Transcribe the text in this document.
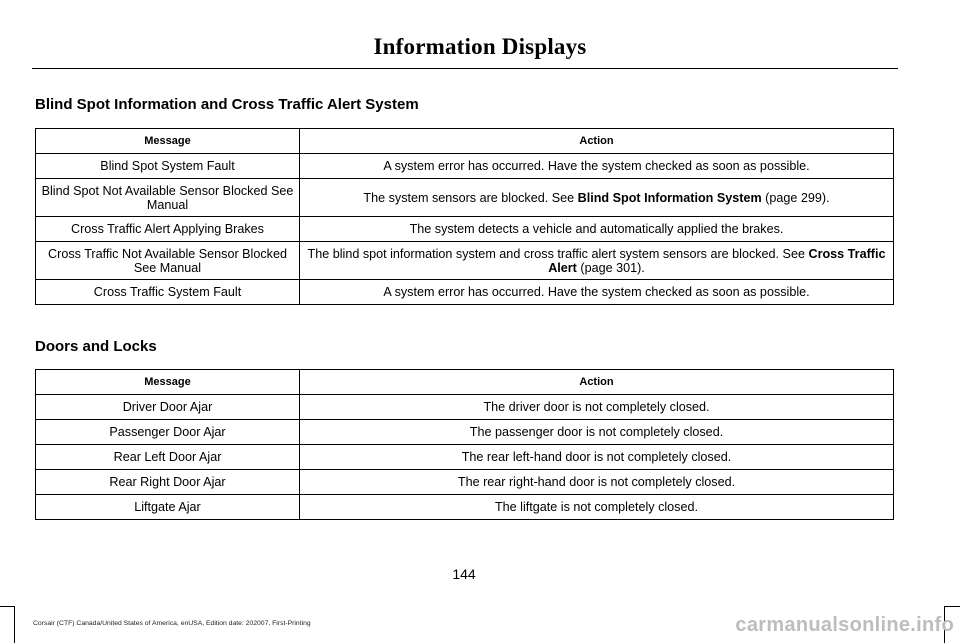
Information Displays
Blind Spot Information and Cross Traffic Alert System
Message	Action
Blind Spot System Fault	A system error has occurred. Have the system checked as soon as possible.
Blind Spot Not Available Sensor Blocked See Manual	The system sensors are blocked. See Blind Spot Information System (page 299).
Cross Traffic Alert Applying Brakes	The system detects a vehicle and automatically applied the brakes.
Cross Traffic Not Available Sensor Blocked See Manual	The blind spot information system and cross traffic alert system sensors are blocked. See Cross Traffic Alert (page 301).
Cross Traffic System Fault	A system error has occurred. Have the system checked as soon as possible.
Doors and Locks
Message	Action
Driver Door Ajar	The driver door is not completely closed.
Passenger Door Ajar	The passenger door is not completely closed.
Rear Left Door Ajar	The rear left-hand door is not completely closed.
Rear Right Door Ajar	The rear right-hand door is not completely closed.
Liftgate Ajar	The liftgate is not completely closed.
144
Corsair (CTF) Canada/United States of America, enUSA, Edition date: 202007, First-Printing	carmanualsonline.info
